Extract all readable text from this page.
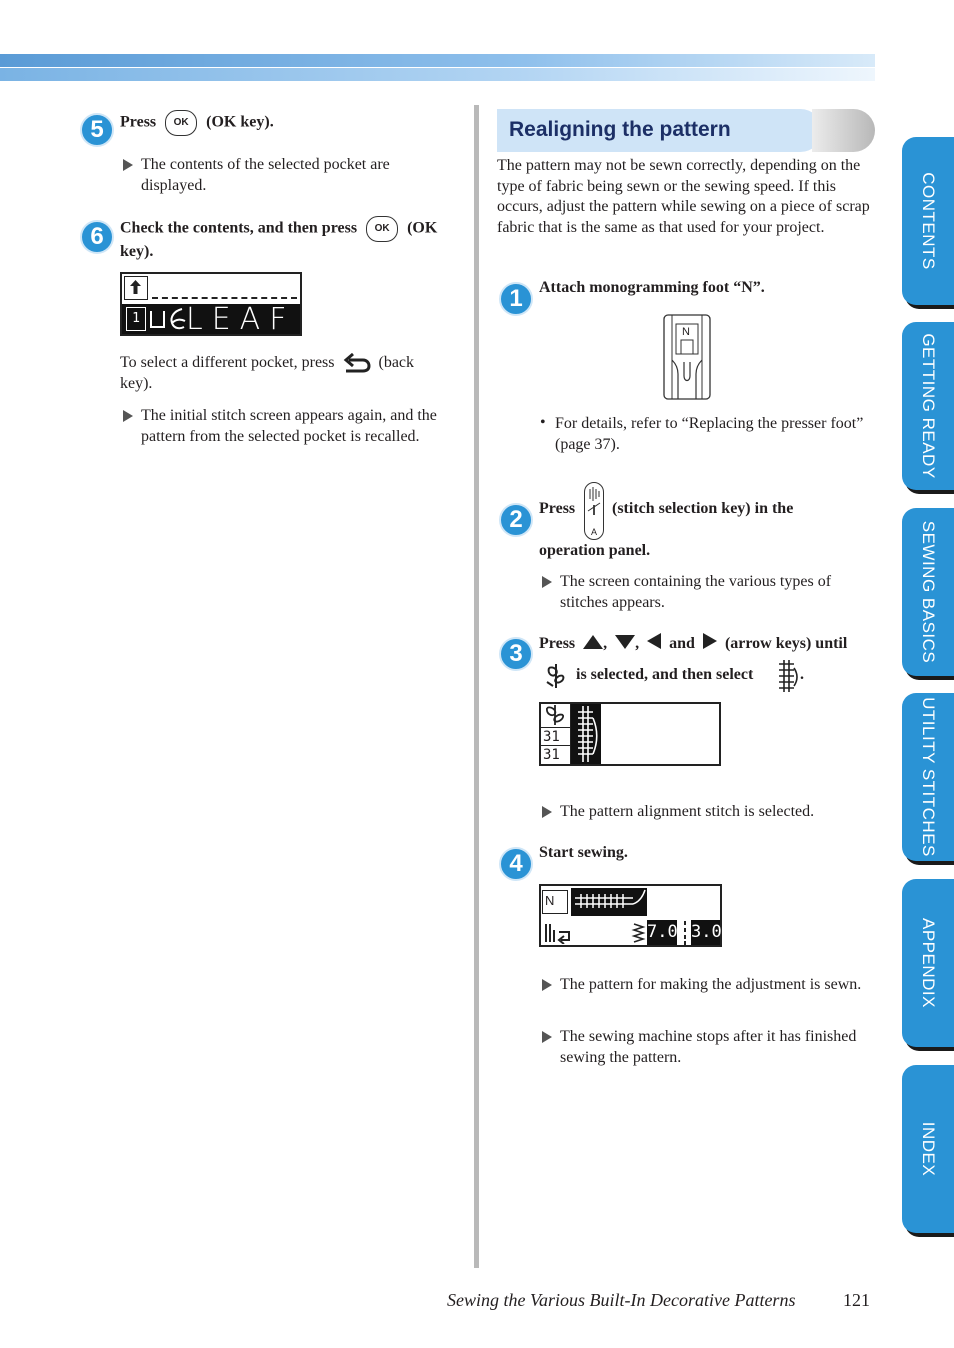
5	Press OK (OK key).
The contents of the selected pocket are displayed.
6	Check the contents, and then press OK (OK key).
1 LEAF
To select a different pocket, press	(back key).
The initial stitch screen appears again, and the pattern from the selected pocket is recalled.
Realigning the pattern
The pattern may not be sewn correctly, depending on the type of fabric being sewn or the sewing speed. If this occurs, adjust the pattern while sewing on a piece of scrap fabric that is the same as that used for your project.
1	Attach monogramming foot “N”.
N
• For details, refer to “Replacing the presser foot” (page 37).
2	Press
A
(stitch selection key) in the
operation panel.
The screen containing the various types of stitches appears.
3	Press , , and (arrow keys) until
is selected, and then select	.
31
31
The pattern alignment stitch is selected.
4	Start sewing.
N
7.0 3.0
The pattern for making the adjustment is sewn.
The sewing machine stops after it has finished sewing the pattern.
CONTENTS
GETTING READY
SEWING BASICS
UTILITY STITCHES
APPENDIX
INDEX
Sewing the Various Built-In Decorative Patterns	121
